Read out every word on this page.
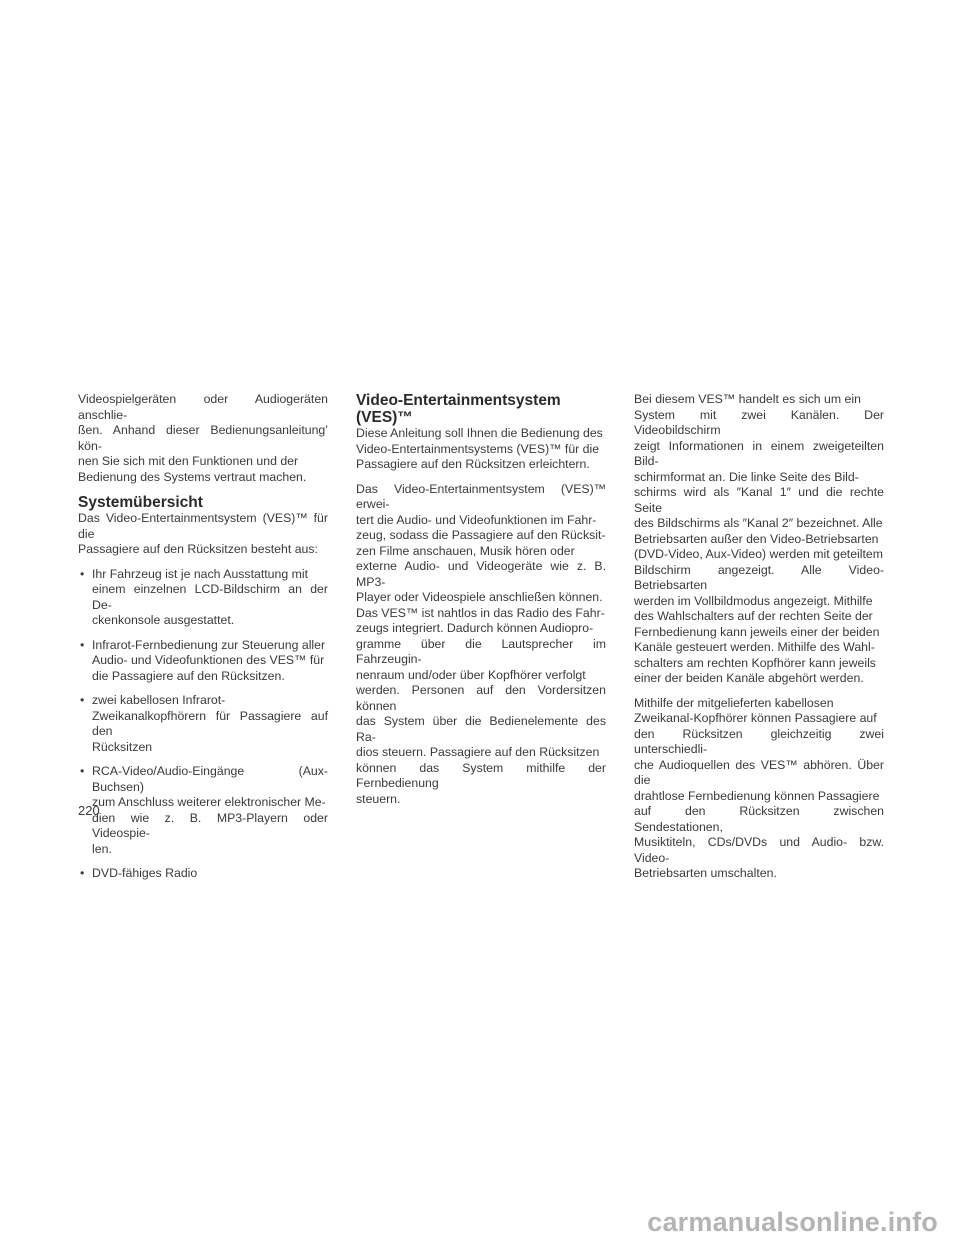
Videospielgeräten oder Audiogeräten anschlie-
ßen. Anhand dieser Bedienungsanleitung’ kön-
nen Sie sich mit den Funktionen und der
Bedienung des Systems vertraut machen.

Systemübersicht

Das Video-Entertainmentsystem (VES)™ für die
Passagiere auf den Rücksitzen besteht aus:

• Ihr Fahrzeug ist je nach Ausstattung mit
einem einzelnen LCD-Bildschirm an der De-
ckenkonsole ausgestattet.
• Infrarot-Fernbedienung zur Steuerung aller
Audio- und Videofunktionen des VES™ für
die Passagiere auf den Rücksitzen.
• zwei kabellosen Infrarot-
Zweikanalkopfhörern für Passagiere auf den
Rücksitzen
• RCA-Video/Audio-Eingänge (Aux-Buchsen)
zum Anschluss weiterer elektronischer Me-
dien wie z. B. MP3-Playern oder Videospie-
len.
• DVD-fähiges Radio
Video-Entertainmentsystem (VES)™

Diese Anleitung soll Ihnen die Bedienung des
Video-Entertainmentsystems (VES)™ für die
Passagiere auf den Rücksitzen erleichtern.

Das Video-Entertainmentsystem (VES)™ erwei-
tert die Audio- und Videofunktionen im Fahr-
zeug, sodass die Passagiere auf den Rücksit-
zen Filme anschauen, Musik hören oder
externe Audio- und Videogeräte wie z. B. MP3-
Player oder Videospiele anschließen können.
Das VES™ ist nahtlos in das Radio des Fahr-
zeugs integriert. Dadurch können Audiopro-
gramme über die Lautsprecher im Fahrzeugin-
nenraum und/oder über Kopfhörer verfolgt
werden. Personen auf den Vordersitzen können
das System über die Bedienelemente des Ra-
dios steuern. Passagiere auf den Rücksitzen
können das System mithilfe der Fernbedienung
steuern.

Bei diesem VES™ handelt es sich um ein
System mit zwei Kanälen. Der Videobildschirm
zeigt Informationen in einem zweigeteilten Bild-
schirmformat an. Die linke Seite des Bild-
schirms wird als ″Kanal 1″ und die rechte Seite
des Bildschirms als ″Kanal 2″ bezeichnet. Alle
Betriebsarten außer den Video-Betriebsarten
(DVD-Video, Aux-Video) werden mit geteiltem
Bildschirm angezeigt. Alle Video-Betriebsarten
werden im Vollbildmodus angezeigt. Mithilfe
des Wahlschalters auf der rechten Seite der
Fernbedienung kann jeweils einer der beiden
Kanäle gesteuert werden. Mithilfe des Wahl-
schalters am rechten Kopfhörer kann jeweils
einer der beiden Kanäle abgehört werden.

Mithilfe der mitgelieferten kabellosen
Zweikanal-Kopfhörer können Passagiere auf
den Rücksitzen gleichzeitig zwei unterschiedli-
che Audioquellen des VES™ abhören. Über die
drahtlose Fernbedienung können Passagiere
auf den Rücksitzen zwischen Sendestationen,
Musiktiteln, CDs/DVDs und Audio- bzw. Video-
Betriebsarten umschalten.

220
carmanualsonline.info
